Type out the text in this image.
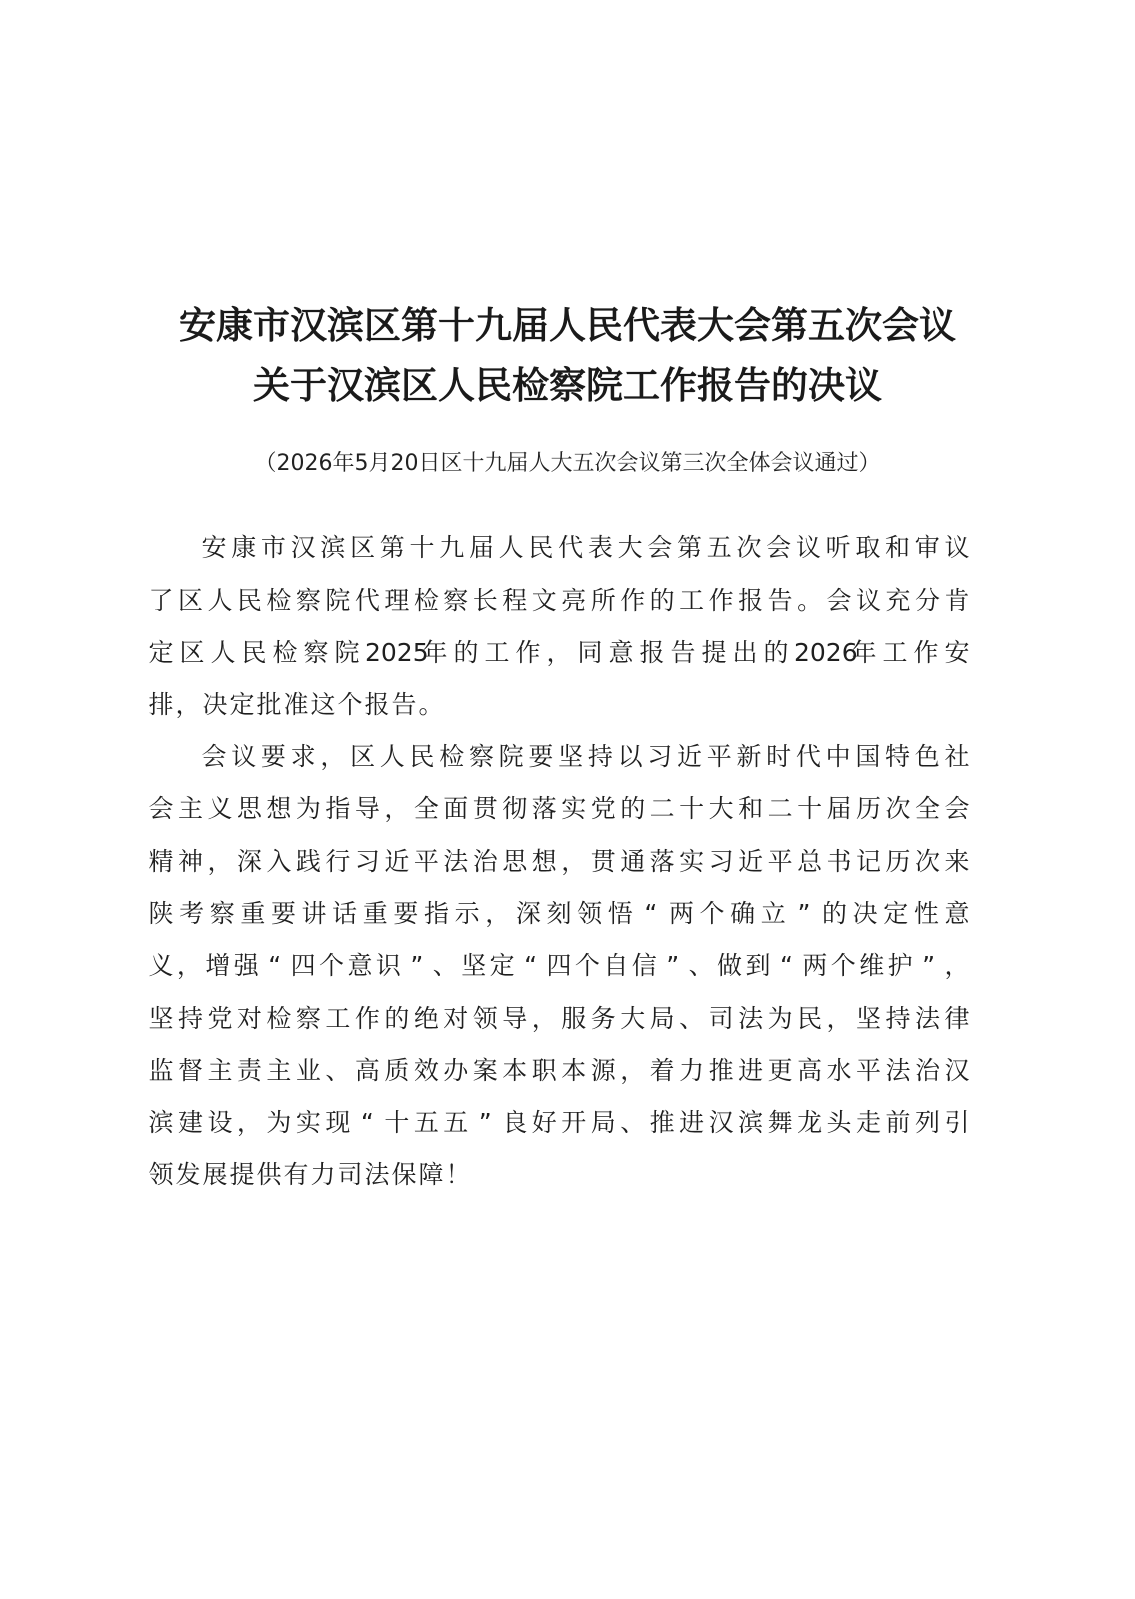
安康市汉滨区第十九届人民代表大会第五次会议
关于汉滨区人民检察院工作报告的决议
（2026年5月20日区十九届人大五次会议第三次全体会议通过）
安 康 市 汉 滨 区 第 十 九 届 人 民 代 表 大 会 第 五 次 会 议 听 取 和 审 议
了 区 人 民 检 察 院 代 理 检 察 长 程 文 亮 所 作 的 工 作 报 告 。 会 议 充 分 肯
定 区 人 民 检 察 院 2025
年 的 工 作 ， 同 意 报 告 提 出 的 2026
年 工 作 安
排 ， 决 定 批 准 这 个 报 告 。
会 议 要 求 ， 区 人 民 检 察 院 要 坚 持 以 习 近 平 新 时 代 中 国 特 色 社
会 主 义 思 想 为 指 导 ， 全 面 贯 彻 落 实 党 的 二 十 大 和 二 十 届 历 次 全 会
精 神 ， 深 入 践 行 习 近 平 法 治 思 想 ， 贯 通 落 实 习 近 平 总 书 记 历 次 来
陕 考 察 重 要 讲 话 重 要 指 示 ， 深 刻 领 悟 “ 两 个 确 立 ” 的 决 定 性 意
义 ， 增 强 “ 四 个 意 识 ” 、 坚 定 “ 四 个 自 信 ” 、 做 到 “ 两 个 维 护 ” ，
坚 持 党 对 检 察 工 作 的 绝 对 领 导 ， 服 务 大 局 、 司 法 为 民 ， 坚 持 法 律
监 督 主 责 主 业 、 高 质 效 办 案 本 职 本 源 ， 着 力 推 进 更 高 水 平 法 治 汉
滨 建 设 ， 为 实 现 “ 十 五 五 ” 良 好 开 局 、 推 进 汉 滨 舞 龙 头 走 前 列 引
领 发 展 提 供 有 力 司 法 保 障 ！
